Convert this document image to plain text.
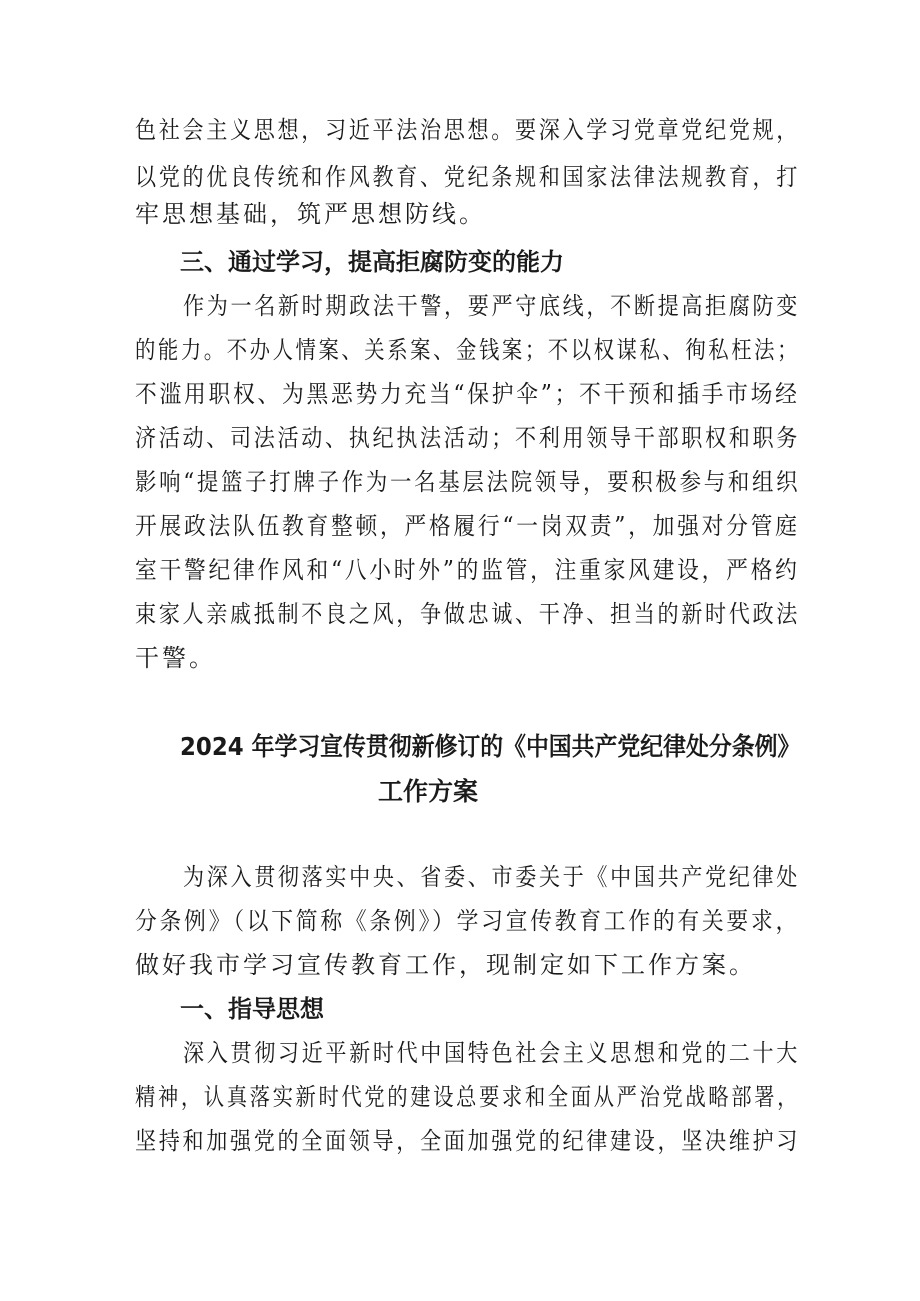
色社会主义思想，习近平法治思想。要深入学习党章党纪党规，
以党的优良传统和作风教育、党纪条规和国家法律法规教育，打
牢思想基础，筑严思想防线。
三、通过学习，提高拒腐防变的能力
作为一名新时期政法干警，要严守底线，不断提高拒腐防变
的能力。不办人情案、关系案、金钱案；不以权谋私、徇私枉法；
不滥用职权、为黑恶势力充当“保护伞”；不干预和插手市场经
济活动、司法活动、执纪执法活动；不利用领导干部职权和职务
影响“提篮子打牌子作为一名基层法院领导，要积极参与和组织
开展政法队伍教育整顿，严格履行“一岗双责”，加强对分管庭
室干警纪律作风和“八小时外”的监管，注重家风建设，严格约
束家人亲戚抵制不良之风，争做忠诚、干净、担当的新时代政法
干警。
2024 年学习宣传贯彻新修订的《中国共产党纪律处分条例》
工作方案
为深入贯彻落实中央、省委、市委关于《中国共产党纪律处
分条例》（以下简称《条例》）学习宣传教育工作的有关要求，
做好我市学习宣传教育工作，现制定如下工作方案。
一、指导思想
深入贯彻习近平新时代中国特色社会主义思想和党的二十大
精神，认真落实新时代党的建设总要求和全面从严治党战略部署，
坚持和加强党的全面领导，全面加强党的纪律建设，坚决维护习
